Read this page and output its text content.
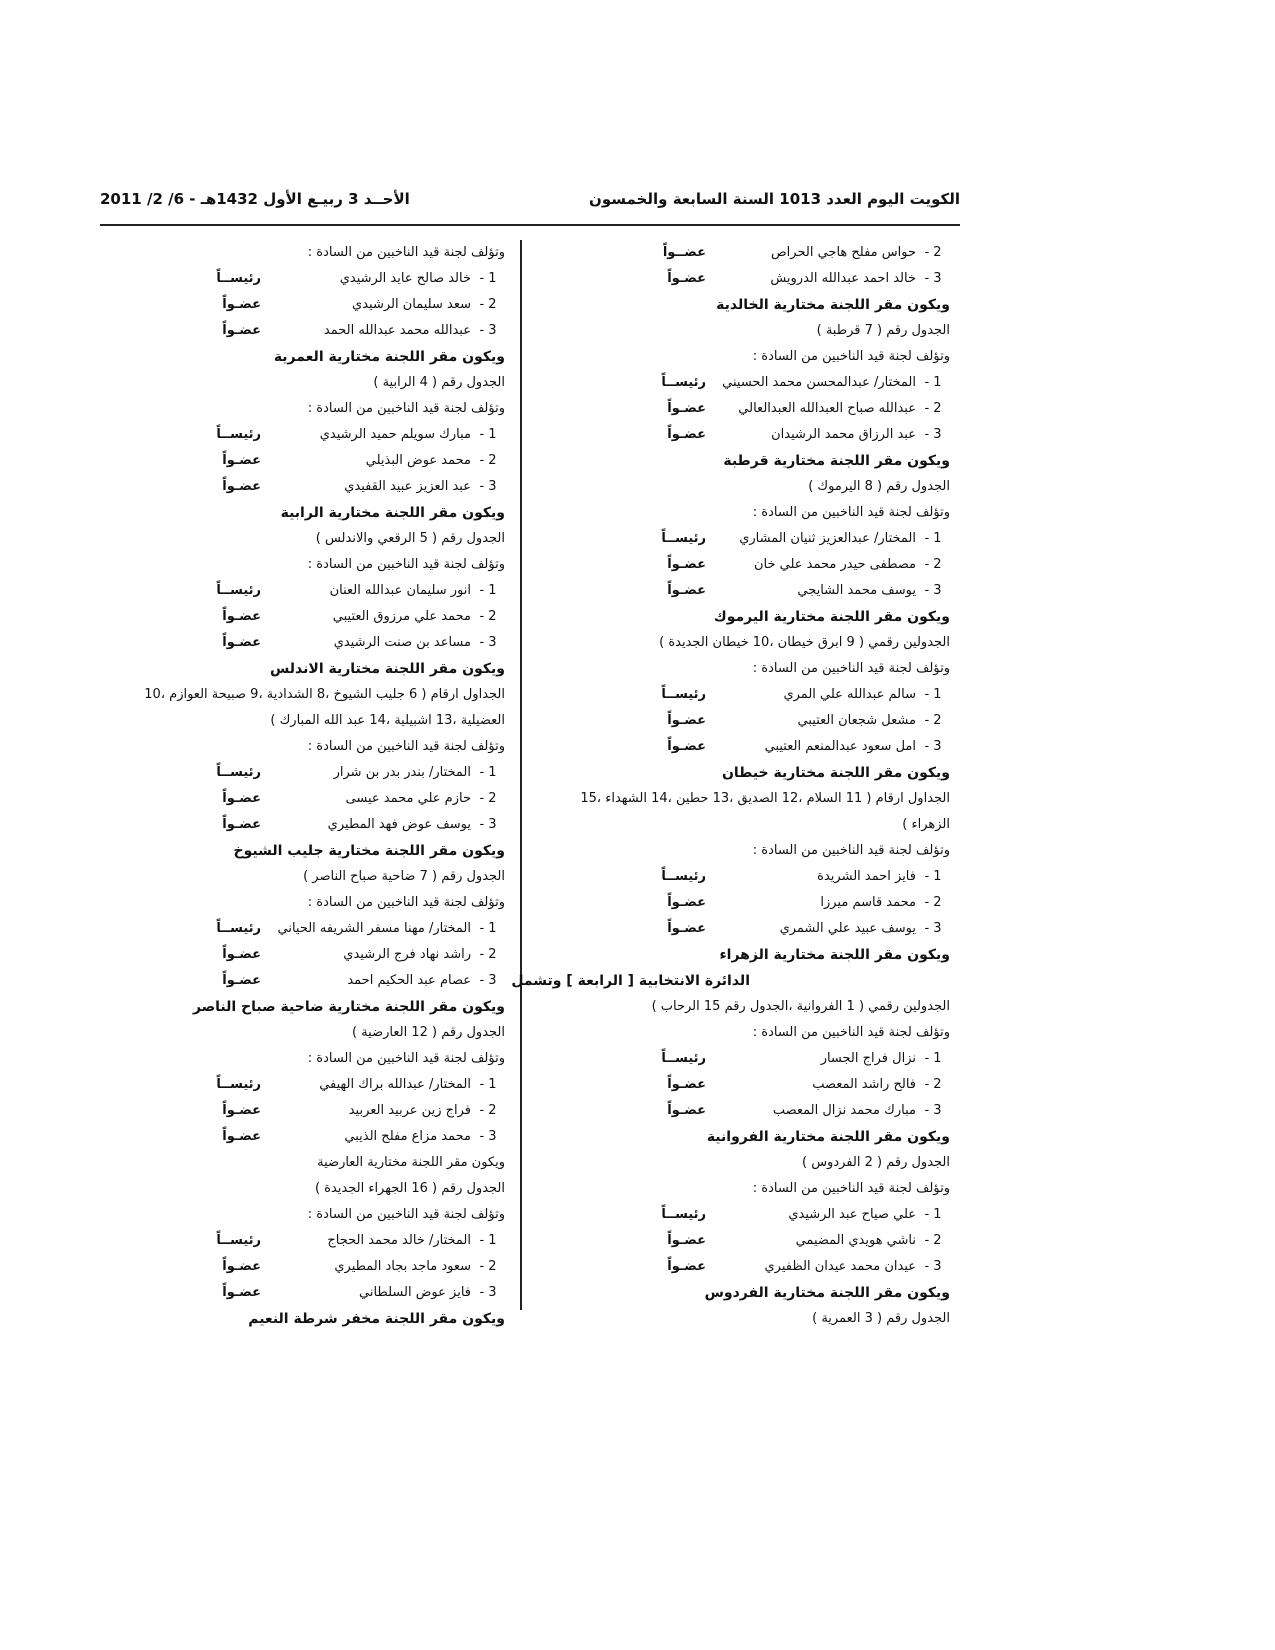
الكويت اليوم العدد 1013 السنة السابعة والخمسون
الأحــد 3 ربيـع الأول 1432هـ - 6/ 2/ 2011
2 -
حواس مفلح هاجي الحراص
عضــواً
3 -
خالد احمد عبدالله الدرويش
عضـواً
ويكون مقر اللجنة مختارية الخالدية
الجدول رقم ( 7 قرطبة )
وتؤلف لجنة قيد الناخبين من السادة :
1 -
المختار/ عبدالمحسن محمد الحسيني
رئيســاً
2 -
عبدالله صباح العبدالله العبدالعالي
عضـواً
3 -
عبد الرزاق محمد الرشيدان
عضـواً
ويكون مقر اللجنة مختارية قرطبة
الجدول رقم ( 8 اليرموك )
وتؤلف لجنة قيد الناخبين من السادة :
1 -
المختار/ عبدالعزيز ثنيان المشاري
رئيســاً
2 -
مصطفى حيدر محمد علي خان
عضـواً
3 -
يوسف محمد الشايجي
عضـواً
ويكون مقر اللجنة مختارية اليرموك
الجدولين رقمي ( 9 ابرق خيطان ،10 خيطان الجديدة )
وتؤلف لجنة قيد الناخبين من السادة :
1 -
سالم عبدالله علي المري
رئيســاً
2 -
مشعل شجعان العتيبي
عضـواً
3 -
امل سعود عبدالمنعم العتيبي
عضـواً
ويكون مقر اللجنة مختارية خيطان
الجداول ارقام ( 11 السلام ،12 الصديق ،13 حطين ،14 الشهداء ،15 الزهراء )
وتؤلف لجنة قيد الناخبين من السادة :
1 -
فايز احمد الشريدة
رئيســاً
2 -
محمد قاسم ميرزا
عضـواً
3 -
يوسف عبيد علي الشمري
عضـواً
ويكون مقر اللجنة مختارية الزهراء
الدائرة الانتخابية [ الرابعة ] وتشمل
الجدولين رقمي ( 1 الفروانية ،الجدول رقم 15 الرحاب )
وتؤلف لجنة قيد الناخبين من السادة :
1 -
نزال فراج الجسار
رئيســاً
2 -
فالح راشد المعصب
عضـواً
3 -
مبارك محمد نزال المعصب
عضـواً
ويكون مقر اللجنة مختارية الفروانية
الجدول رقم ( 2 الفردوس )
وتؤلف لجنة قيد الناخبين من السادة :
1 -
علي صياح عبد الرشيدي
رئيســاً
2 -
ناشي هويدي المضيمي
عضـواً
3 -
عيدان محمد عيدان الظفيري
عضـواً
ويكون مقر اللجنة مختارية الفردوس
الجدول رقم ( 3 العمرية )
وتؤلف لجنة قيد الناخبين من السادة :
1 -
خالد صالح عايد الرشيدي
رئيســاً
2 -
سعد سليمان الرشيدي
عضـواً
3 -
عبدالله محمد عبدالله الحمد
عضـواً
ويكون مقر اللجنة مختارية العمرية
الجدول رقم ( 4 الرابية )
وتؤلف لجنة قيد الناخبين من السادة :
1 -
مبارك سويلم حميد الرشيدي
رئيســاً
2 -
محمد عوض البذيلي
عضـواً
3 -
عبد العزيز عبيد القفيدي
عضـواً
ويكون مقر اللجنة مختارية الرابية
الجدول رقم ( 5 الرقعي والاندلس )
وتؤلف لجنة قيد الناخبين من السادة :
1 -
انور سليمان عبدالله العنان
رئيســاً
2 -
محمد علي مرزوق العتيبي
عضـواً
3 -
مساعد بن صنت الرشيدي
عضـواً
ويكون مقر اللجنة مختارية الاندلس
الجداول ارقام ( 6 جليب الشيوخ ،8 الشدادية ،9 صبيحة العوازم ،10 العضيلية ،13 اشبيلية ،14 عبد الله المبارك )
وتؤلف لجنة قيد الناخبين من السادة :
1 -
المختار/ بندر بدر بن شرار
رئيســاً
2 -
حازم علي محمد عيسى
عضـواً
3 -
يوسف عوض فهد المطيري
عضـواً
ويكون مقر اللجنة مختارية جليب الشيوخ
الجدول رقم ( 7 ضاحية صباح الناصر )
وتؤلف لجنة قيد الناخبين من السادة :
1 -
المختار/ مهنا مسفر الشريفه الحياني
رئيســاً
2 -
راشد نهاد فرج الرشيدي
عضـواً
3 -
عصام عبد الحكيم احمد
عضـواً
ويكون مقر اللجنة مختارية ضاحية صباح الناصر
الجدول رقم ( 12 العارضية )
وتؤلف لجنة قيد الناخبين من السادة :
1 -
المختار/ عبدالله براك الهيفي
رئيســاً
2 -
فراج زين عربيد العربيد
عضـواً
3 -
محمد مزاع مفلح الذيبي
عضـواً
ويكون مقر اللجنة مختارية العارضية
الجدول رقم ( 16 الجهراء الجديدة )
وتؤلف لجنة قيد الناخبين من السادة :
1 -
المختار/ خالد محمد الحجاج
رئيســاً
2 -
سعود ماجد بجاد المطيري
عضـواً
3 -
فايز عوض السلطاني
عضـواً
ويكون مقر اللجنة مخفر شرطة النعيم
